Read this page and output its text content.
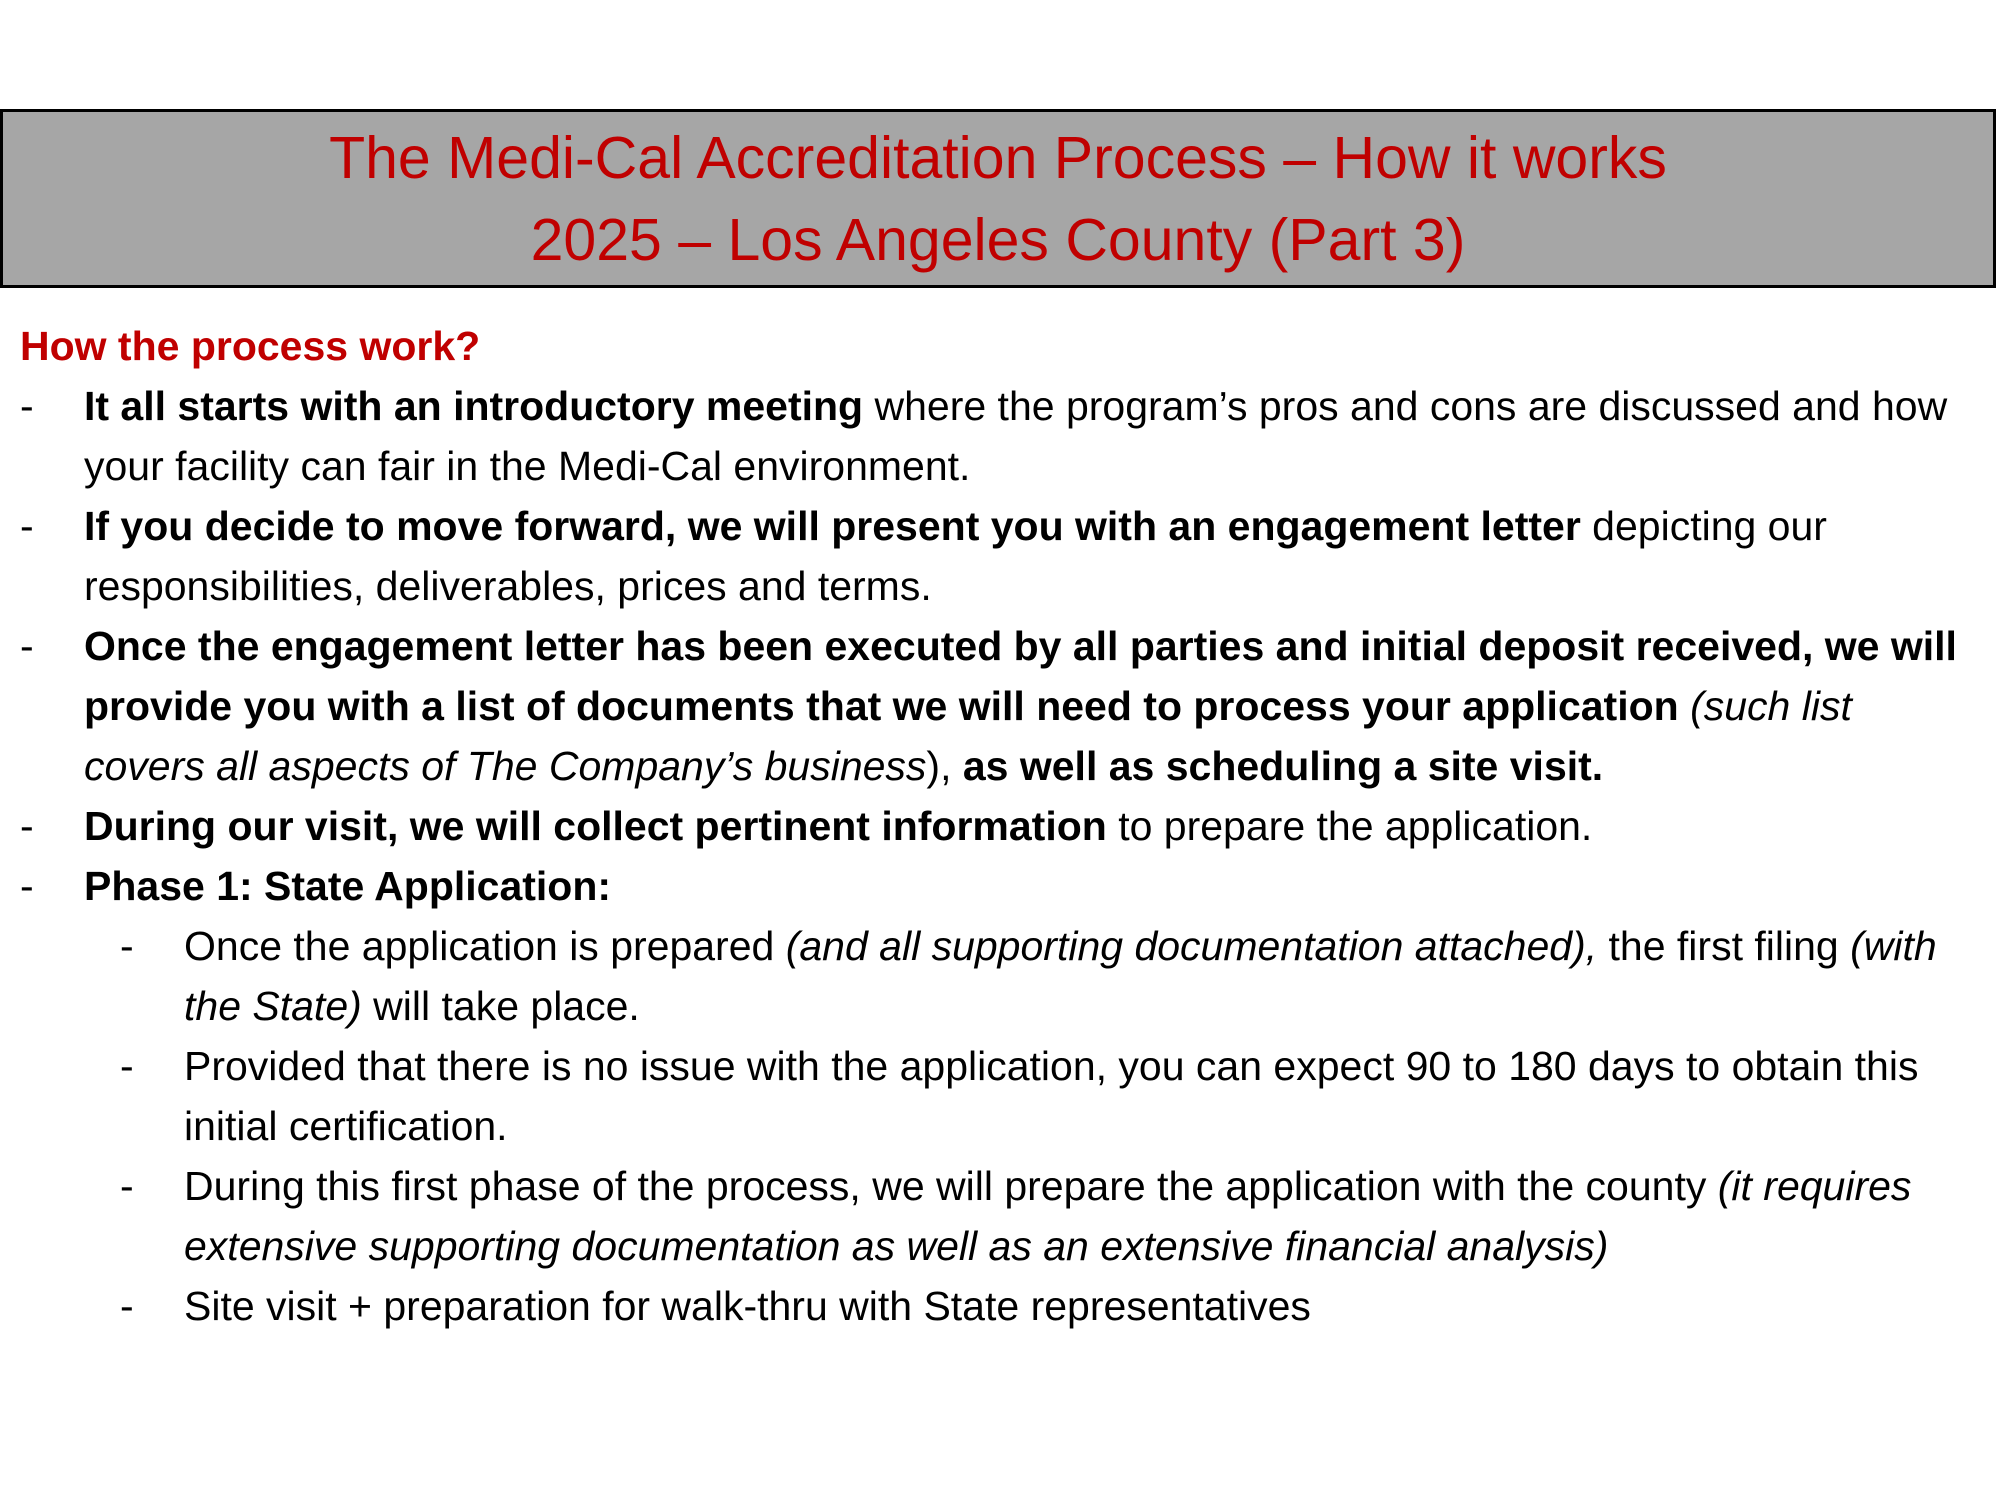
The Medi-Cal Accreditation Process – How it works
2025 – Los Angeles County (Part 3)

How the process work?

-	It all starts with an introductory meeting where the program’s pros and cons are discussed and how your facility can fair in the Medi-Cal environment.
-	If you decide to move forward, we will present you with an engagement letter depicting our responsibilities, deliverables, prices and terms.
-	Once the engagement letter has been executed by all parties and initial deposit received, we will provide you with a list of documents that we will need to process your application (such list covers all aspects of The Company’s business), as well as scheduling a site visit.
-	During our visit, we will collect pertinent information to prepare the application.
-	Phase 1: State Application:
-	Once the application is prepared (and all supporting documentation attached), the first filing (with the State) will take place.
-	Provided that there is no issue with the application, you can expect 90 to 180 days to obtain this initial certification.
-	During this first phase of the process, we will prepare the application with the county (it requires extensive supporting documentation as well as an extensive financial analysis)
-	Site visit + preparation for walk-thru with State representatives
